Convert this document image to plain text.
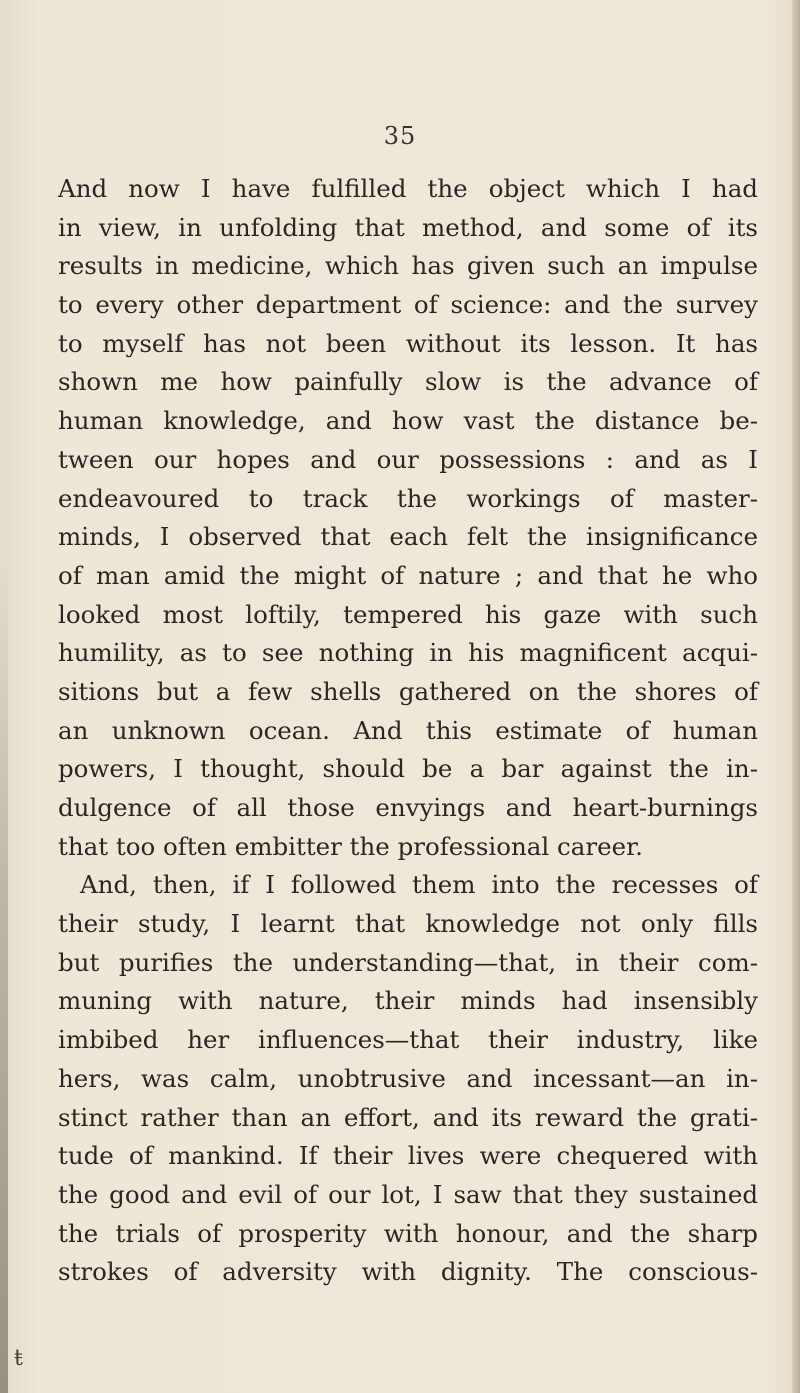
35
And now I have fulfilled the object which I had
in view, in unfolding that method, and some of its
results in medicine, which has given such an impulse
to every other department of science: and the survey
to myself has not been without its lesson. It has
shown me how painfully slow is the advance of
human knowledge, and how vast the distance be-
tween our hopes and our possessions : and as I
endeavoured to track the workings of master-
minds, I observed that each felt the insignificance
of man amid the might of nature ; and that he who
looked most loftily, tempered his gaze with such
humility, as to see nothing in his magnificent acqui-
sitions but a few shells gathered on the shores of
an unknown ocean. And this estimate of human
powers, I thought, should be a bar against the in-
dulgence of all those envyings and heart-burnings
that too often embitter the professional career.
And, then, if I followed them into the recesses of
their study, I learnt that knowledge not only fills
but purifies the understanding—that, in their com-
muning with nature, their minds had insensibly
imbibed her influences—that their industry, like
hers, was calm, unobtrusive and incessant—an in-
stinct rather than an effort, and its reward the grati-
tude of mankind. If their lives were chequered with
the good and evil of our lot, I saw that they sustained
the trials of prosperity with honour, and the sharp
strokes of adversity with dignity. The conscious-
ŧ
